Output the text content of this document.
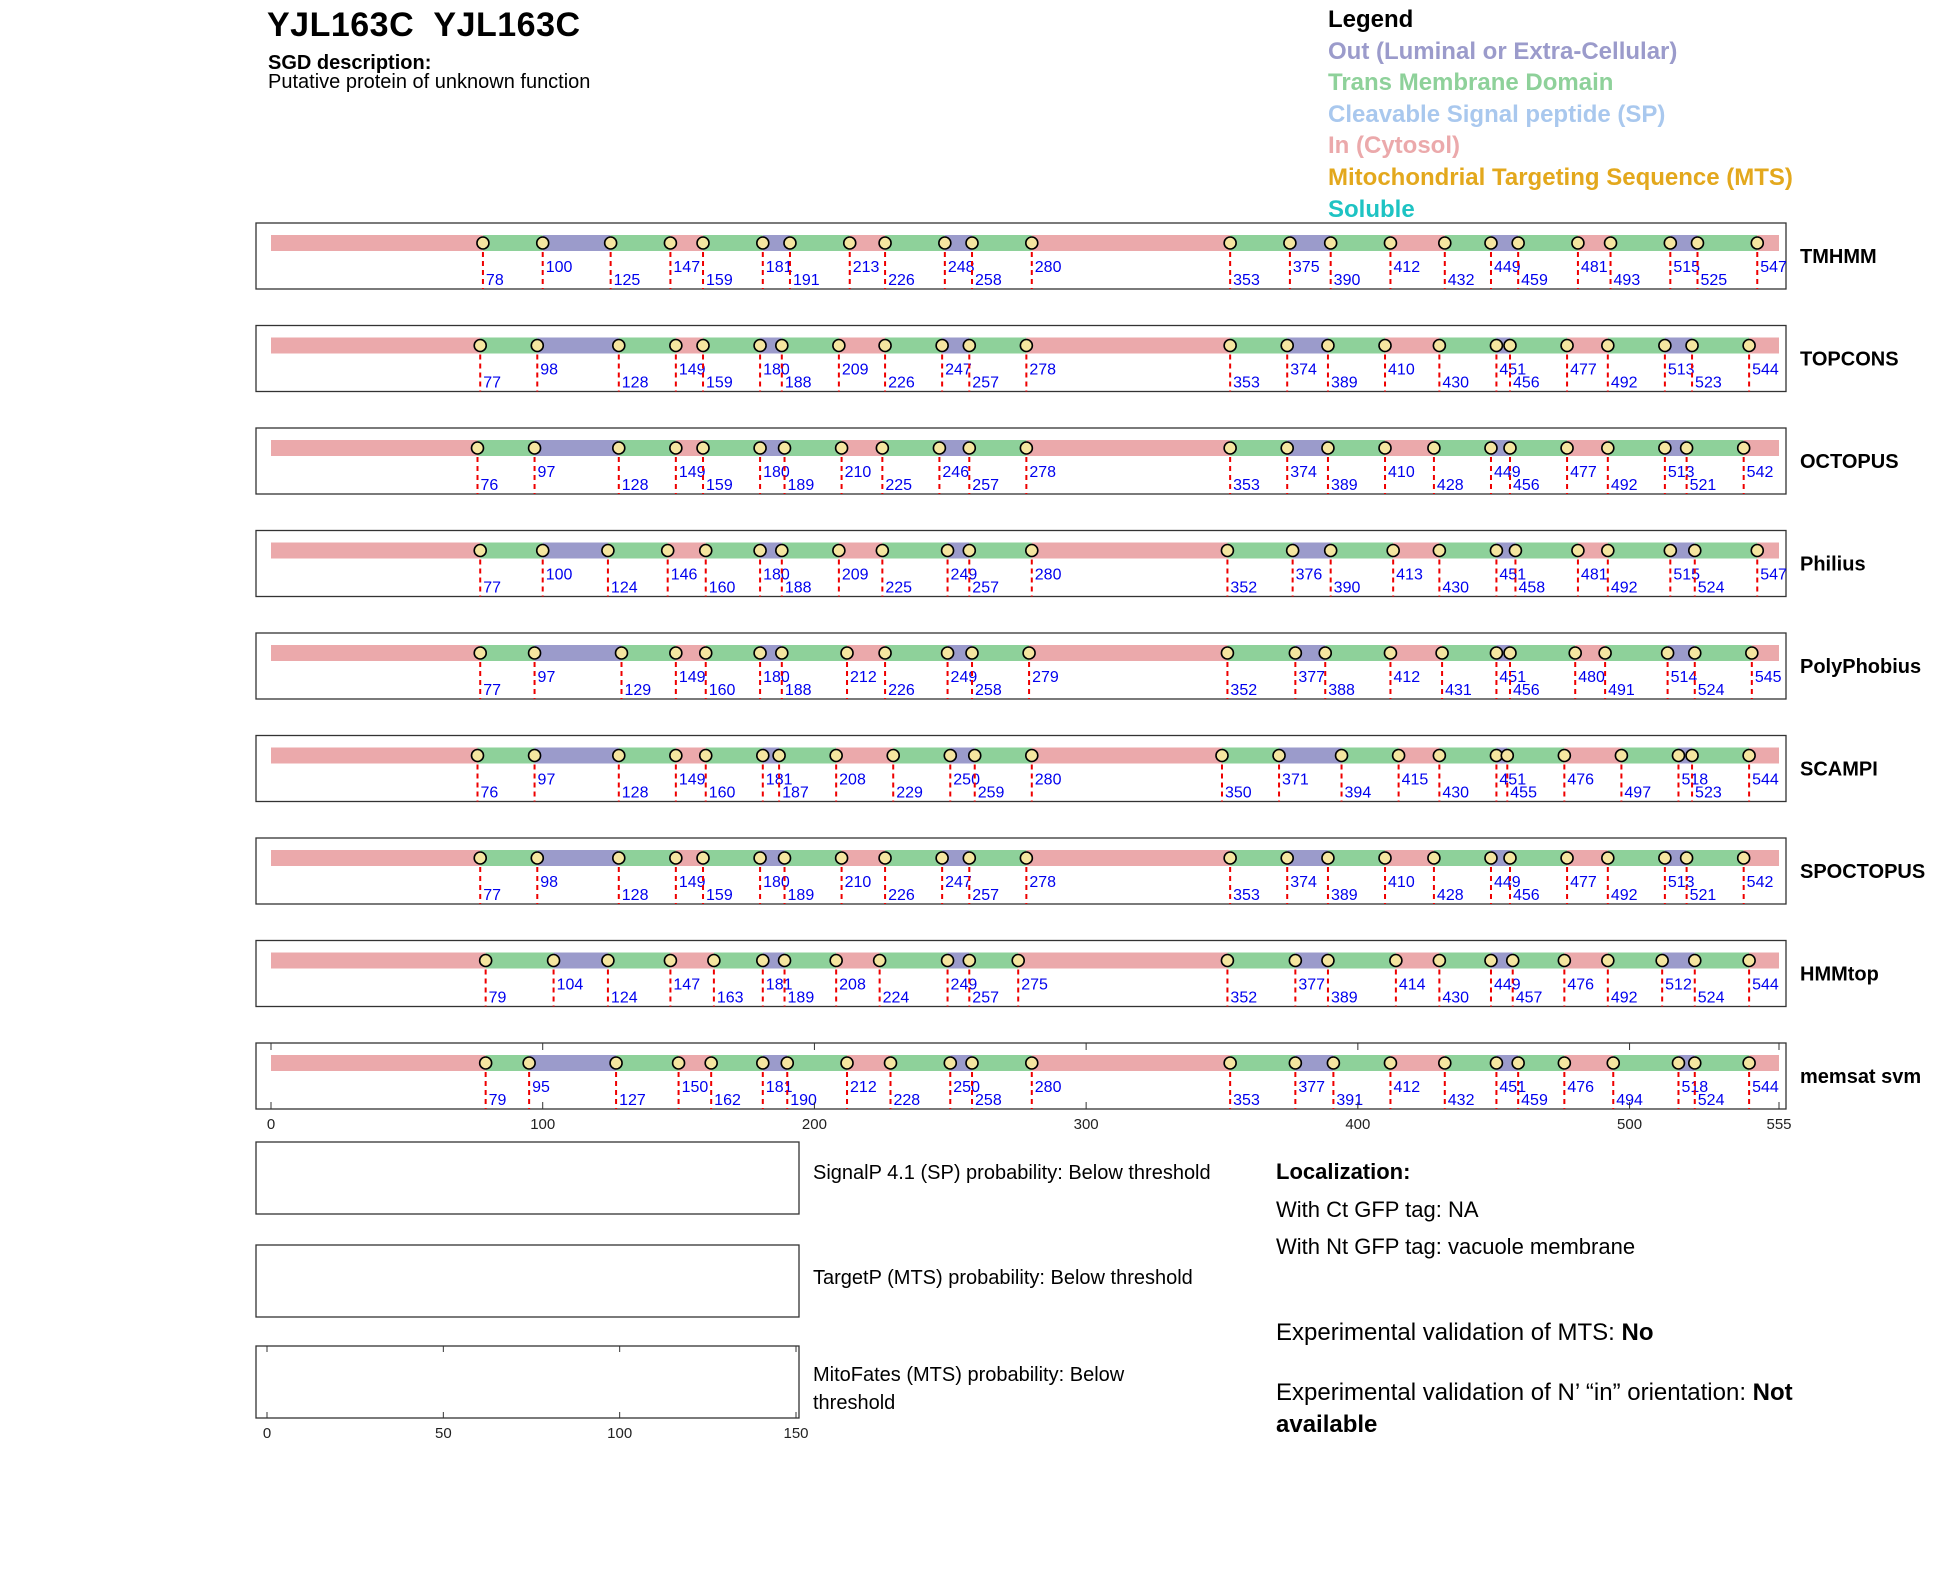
YJL163C  YJL163C
SGD description:
Putative protein of unknown function
Legend
Out (Luminal or Extra-Cellular)
Trans Membrane Domain
Cleavable Signal peptide (SP)
In (Cytosol)
Mitochondrial Targeting Sequence (MTS)
Soluble
78
100
125
147
159
181
191
213
226
248
258
280
353
375
390
412
432
449
459
481
493
515
525
547 TMHMM
77
98
128
149
159
180
188
209
226
247
257
278
353
374
389
410
430
451
456
477
492
513
523
544 TOPCONS
76
97
128
149
159
180
189
210
225
246
257
278
353
374
389
410
428
449
456
477
492
513
521
542 OCTOPUS
77
100
124
146
160
180
188
209
225
249
257
280
352
376
390
413
430
451
458
481
492
515
524
547 Philius
77
97
129
149
160
180
188
212
226
249
258
279
352
377
388
412
431
451
456
480
491
514
524
545 PolyPhobius
76
97
128
149
160
181
187
208
229
250
259
280
350
371
394
415
430
451
455
476
497
518
523
544 SCAMPI
77
98
128
149
159
180
189
210
226
247
257
278
353
374
389
410
428
449
456
477
492
513
521
542 SPOCTOPUS
79
104
124
147
163
181
189
208
224
249
257
275
352
377
389
414
430
449
457
476
492
512
524
544 HMMtop
79
95
127
150
162
181
190
212
228
250
258
280
353
377
391
412
432
451
459
476
494
518
524
544 memsat svm
0	100	200	300	400	500	555
0	50	100	150
SignalP 4.1 (SP) probability: Below threshold
TargetP (MTS) probability: Below threshold
MitoFates (MTS) probability: Below
threshold
Localization:
With Ct GFP tag: NA
With Nt GFP tag: vacuole membrane
Experimental validation of MTS: No
Experimental validation of N’ “in” orientation: Not
available
